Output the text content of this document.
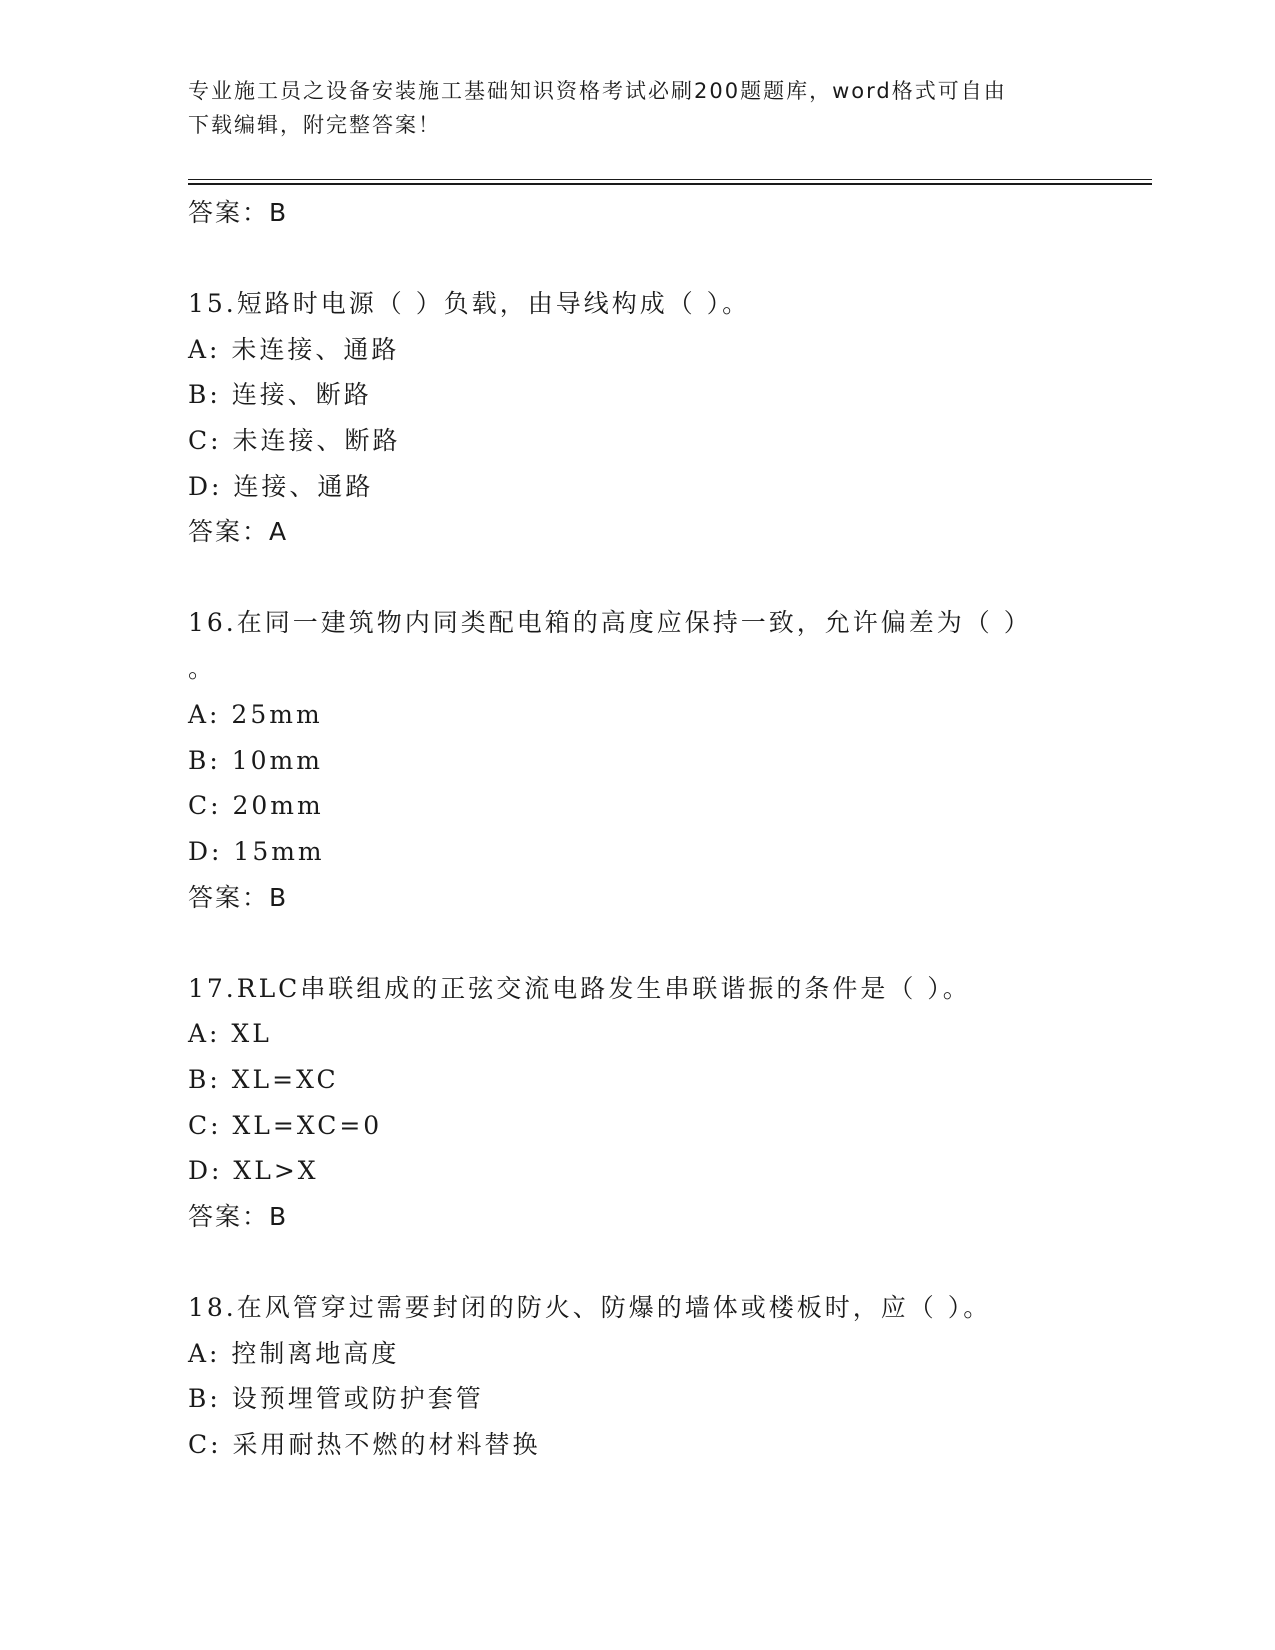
专业施工员之设备安装施工基础知识资格考试必刷200题题库，word格式可自由
下载编辑，附完整答案！
答案：B
15.短路时电源（ ）负载，由导线构成（ ）。
A: 未连接、通路
B: 连接、断路
C: 未连接、断路
D: 连接、通路
答案：A
16.在同一建筑物内同类配电箱的高度应保持一致，允许偏差为（ ）
。
A: 25mm
B: 10mm
C: 20mm
D: 15mm
答案：B
17.RLC串联组成的正弦交流电路发生串联谐振的条件是（ ）。
A: XL
B: XL=XC
C: XL=XC=0
D: XL>X
答案：B
18.在风管穿过需要封闭的防火、防爆的墙体或楼板时，应（ ）。
A: 控制离地高度
B: 设预埋管或防护套管
C: 采用耐热不燃的材料替换
